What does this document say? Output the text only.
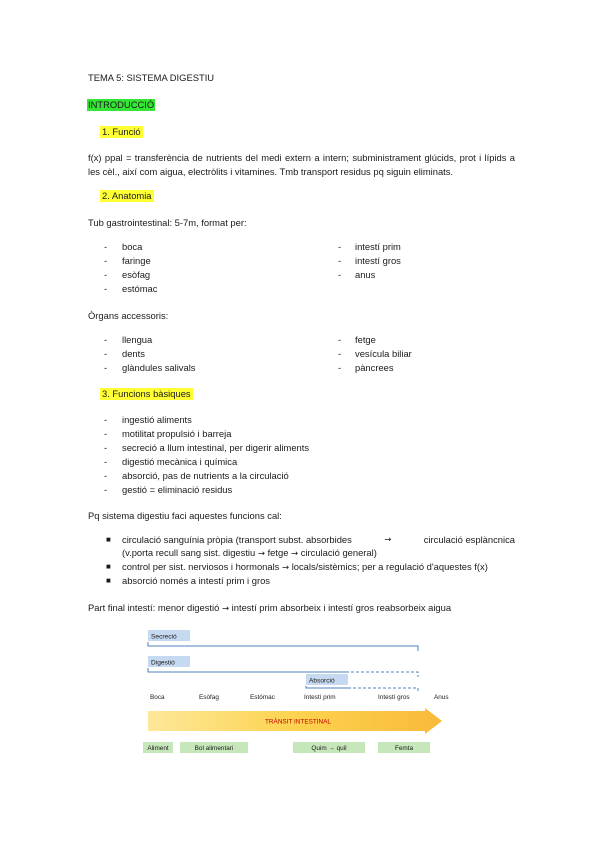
TEMA 5: SISTEMA DIGESTIU
INTRODUCCIÓ
1. Funció
f(x) ppal = transferència de nutrients del medi extern a intern; subministrament glúcids, prot i lípids a les cèl., així com aigua, electròlits i vitamines. Tmb transport residus pq siguin eliminats.
2. Anatomia
Tub gastrointestinal: 5-7m, format per:
- boca
- faringe
- esòfag
- estómac
- intestí prim
- intestí gros
- anus
Òrgans accessoris:
- llengua
- dents
- glàndules salivals
- fetge
- vesícula biliar
- pàncrees
3. Funcions bàsiques
- ingestió aliments
- motilitat propulsió i barreja
- secreció a llum intestinal, per digerir aliments
- digestió mecànica i química
- absorció, pas de nutrients a la circulació
- gestió = eliminació residus
Pq sistema digestiu faci aquestes funcions cal:
■ circulació sanguínia pròpia (transport subst. absorbides	→	circulació esplàncnica
(v.porta recull sang sist. digestiu → fetge → circulació general)
■ control per sist. nerviosos i hormonals → locals/sistèmics; per a regulació d'aquestes f(x)
■ absorció només a intestí prim i gros
Part final intestí: menor digestió → intestí prim absorbeix i intestí gros reabsorbeix aigua
Secreció
Digestió
Absorció
Boca	Esòfag	Estómac	Intestí prim	Intestí gros	Anus
TRÀNSIT INTESTINAL
Aliment	Bol alimentari	Quim → quil	Femta
